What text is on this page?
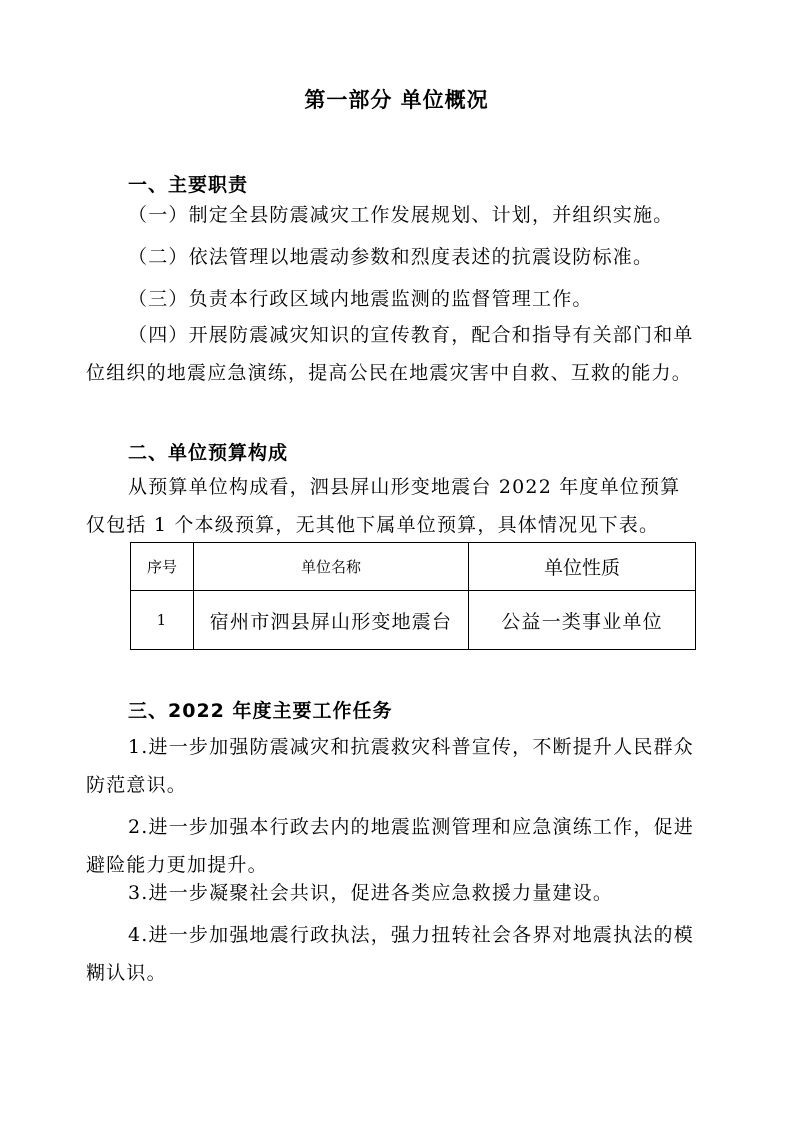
第一部分 单位概况
一、主要职责

（一）制定全县防震减灾工作发展规划、计划，并组织实施。

（二）依法管理以地震动参数和烈度表述的抗震设防标准。

（三）负责本行政区域内地震监测的监督管理工作。

（四）开展防震减灾知识的宣传教育，配合和指导有关部门和单位组织的地震应急演练，提高公民在地震灾害中自救、互救的能力。

二、单位预算构成

从预算单位构成看，泗县屏山形变地震台 2022 年度单位预算仅包括 1 个本级预算，无其他下属单位预算，具体情况见下表。

序号	单位名称	单位性质
1	宿州市泗县屏山形变地震台	公益一类事业单位
三、2022 年度主要工作任务

1.进一步加强防震减灾和抗震救灾科普宣传，不断提升人民群众防范意识。

2.进一步加强本行政去内的地震监测管理和应急演练工作，促进避险能力更加提升。

3.进一步凝聚社会共识，促进各类应急救援力量建设。

4.进一步加强地震行政执法，强力扭转社会各界对地震执法的模糊认识。
